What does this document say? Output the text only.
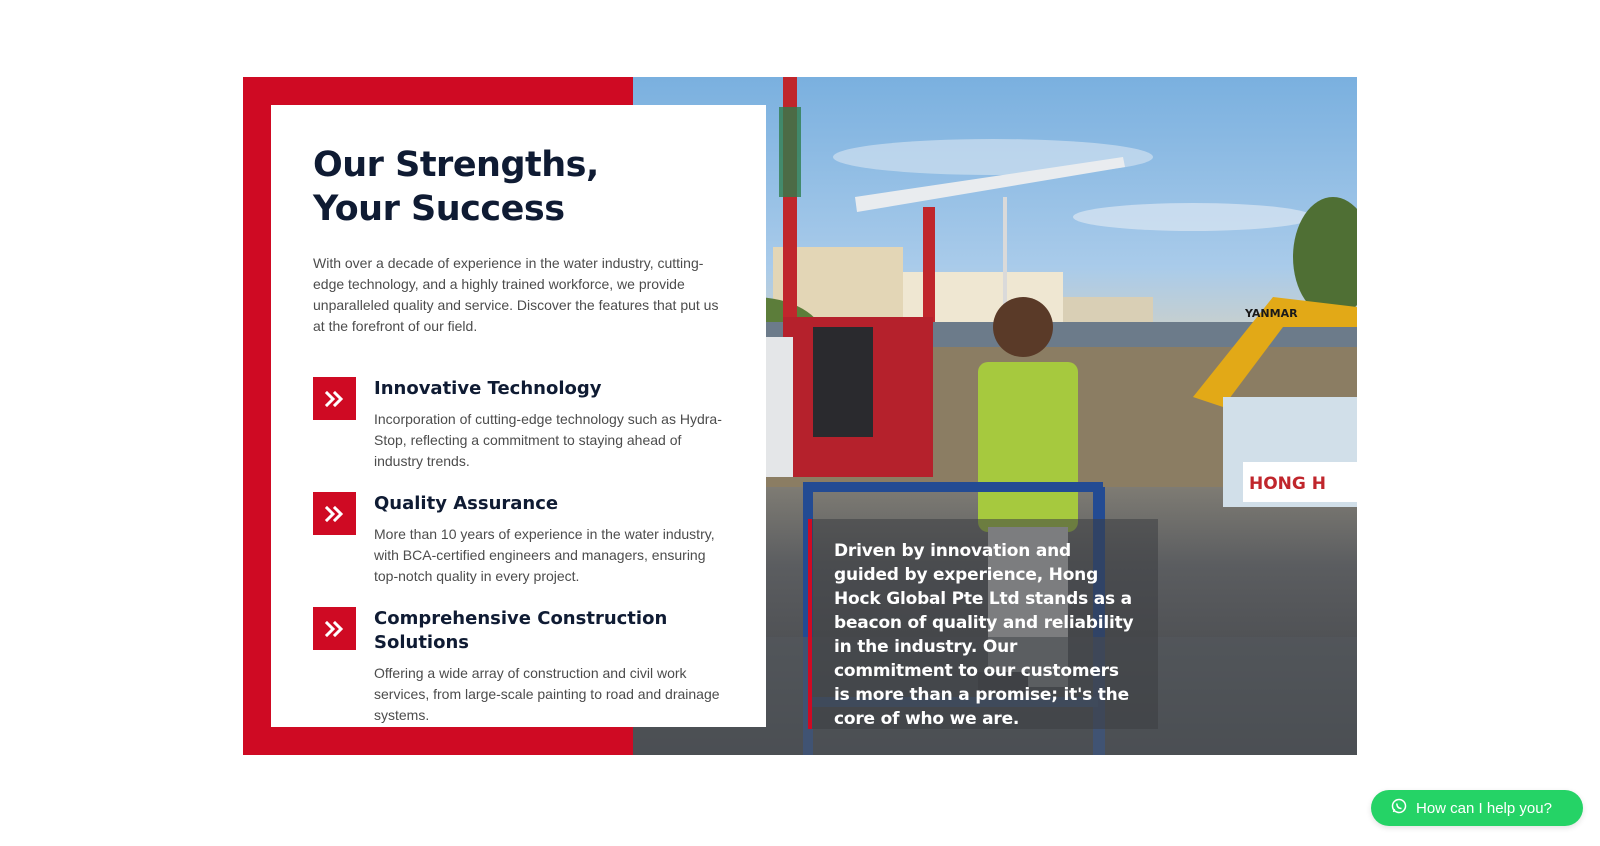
YANMAR
HONG H
Our Strengths, Your Success

With over a decade of experience in the water industry, cutting-edge technology, and a highly trained workforce, we provide unparalleled quality and service. Discover the features that put us at the forefront of our field.

Innovative Technology

Incorporation of cutting-edge technology such as Hydra-Stop, reflecting a commitment to staying ahead of industry trends.

Quality Assurance

More than 10 years of experience in the water industry, with BCA-certified engineers and managers, ensuring top-notch quality in every project.

Comprehensive Construction Solutions

Offering a wide array of construction and civil work services, from large-scale painting to road and drainage systems.

Driven by innovation and guided by experience, Hong Hock Global Pte Ltd stands as a beacon of quality and reliability in the industry. Our commitment to our customers is more than a promise; it's the core of who we are.

How can I help you?
